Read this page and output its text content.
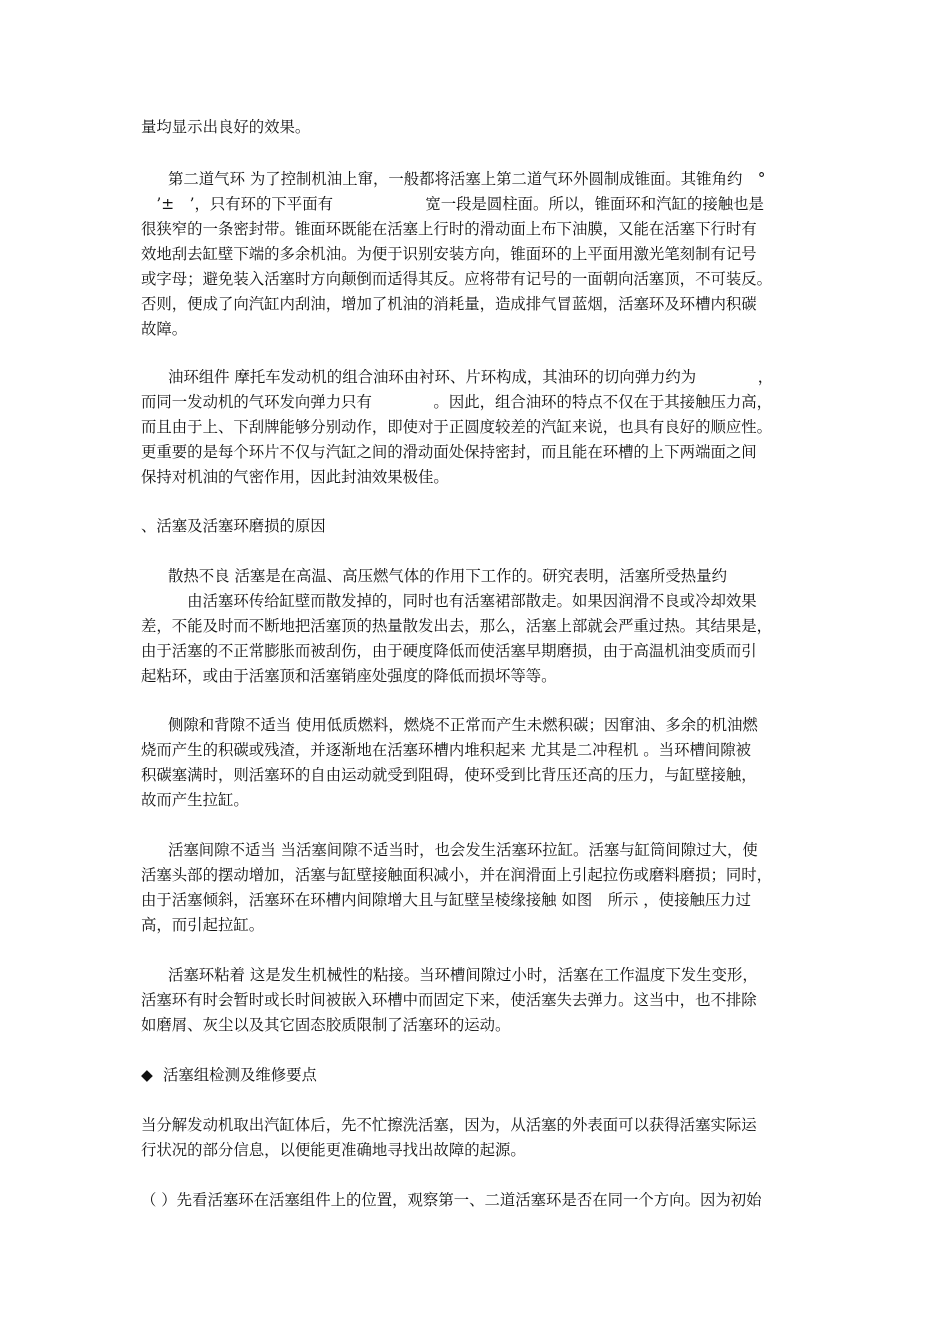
量均显示出良好的效果。
第二道气环 为了控制机油上窜，一般都将活塞上第二道气环外圆制成锥面。其锥角约　°
　’±　’，只有环的下平面有　　　　　　宽一段是圆柱面。所以，锥面环和汽缸的接触也是
很狭窄的一条密封带。锥面环既能在活塞上行时的滑动面上布下油膜，又能在活塞下行时有
效地刮去缸壁下端的多余机油。为便于识别安装方向，锥面环的上平面用激光笔刻制有记号
或字母；避免装入活塞时方向颠倒而适得其反。应将带有记号的一面朝向活塞顶，不可装反。
否则，便成了向汽缸内刮油，增加了机油的消耗量，造成排气冒蓝烟，活塞环及环槽内积碳
故障。
油环组件 摩托车发动机的组合油环由衬环、片环构成，其油环的切向弹力约为　　　　，
而同一发动机的气环发向弹力只有　　　　。因此，组合油环的特点不仅在于其接触压力高，
而且由于上、下刮牌能够分别动作，即使对于正圆度较差的汽缸来说，也具有良好的顺应性。
更重要的是每个环片不仅与汽缸之间的滑动面处保持密封，而且能在环槽的上下两端面之间
保持对机油的气密作用，因此封油效果极佳。
、活塞及活塞环磨损的原因
散热不良 活塞是在高温、高压燃气体的作用下工作的。研究表明，活塞所受热量约
　　　由活塞环传给缸壁而散发掉的，同时也有活塞裙部散走。如果因润滑不良或冷却效果
差，不能及时而不断地把活塞顶的热量散发出去，那么，活塞上部就会严重过热。其结果是，
由于活塞的不正常膨胀而被刮伤，由于硬度降低而使活塞早期磨损，由于高温机油变质而引
起粘环，或由于活塞顶和活塞销座处强度的降低而损坏等等。
侧隙和背隙不适当 使用低质燃料，燃烧不正常而产生未燃积碳；因窜油、多余的机油燃
烧而产生的积碳或残渣，并逐渐地在活塞环槽内堆积起来 尤其是二冲程机 。当环槽间隙被
积碳塞满时，则活塞环的自由运动就受到阻碍，使环受到比背压还高的压力，与缸壁接触，
故而产生拉缸。
活塞间隙不适当 当活塞间隙不适当时，也会发生活塞环拉缸。活塞与缸筒间隙过大，使
活塞头部的摆动增加，活塞与缸壁接触面积减小，并在润滑面上引起拉伤或磨料磨损；同时，
由于活塞倾斜，活塞环在环槽内间隙增大且与缸壁呈棱缘接触 如图　所示 ，使接触压力过
高，而引起拉缸。
活塞环粘着 这是发生机械性的粘接。当环槽间隙过小时，活塞在工作温度下发生变形，
活塞环有时会暂时或长时间被嵌入环槽中而固定下来，使活塞失去弹力。这当中，也不排除
如磨屑、灰尘以及其它固态胶质限制了活塞环的运动。
◆ 活塞组检测及维修要点
当分解发动机取出汽缸体后，先不忙擦洗活塞，因为，从活塞的外表面可以获得活塞实际运
行状况的部分信息，以便能更准确地寻找出故障的起源。
（ ）先看活塞环在活塞组件上的位置，观察第一、二道活塞环是否在同一个方向。因为初始
